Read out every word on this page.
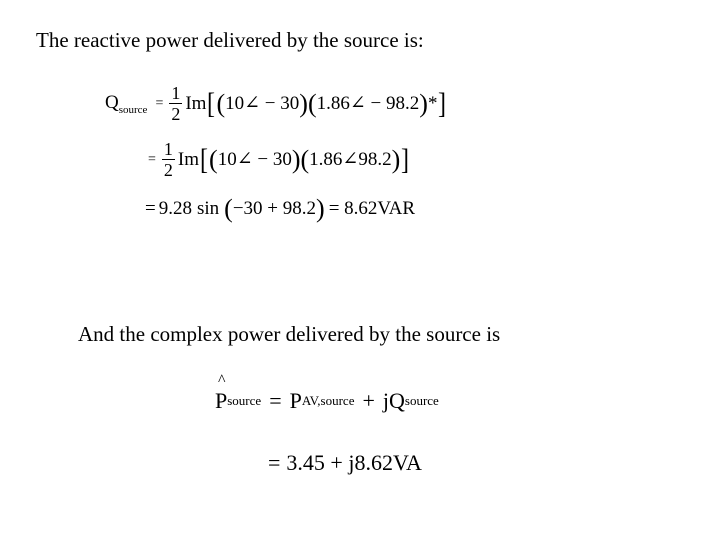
The reactive power delivered by the source is:
$Q_{source} = \frac{1}{2}$ Im [ ( 10∠ − 30 ) ( 1.86∠ − 98.2 ) * ]
= $\frac{1}{2}$ Im [ ( 10∠ − 30 ) ( 1.86∠98.2 ) ]
= 9.28 sin ( −30 + 98.2 ) = 8.62VAR
And the complex power delivered by the source is
^ P source = P AV,source + jQ source
= 3.45 + j8.62VA
